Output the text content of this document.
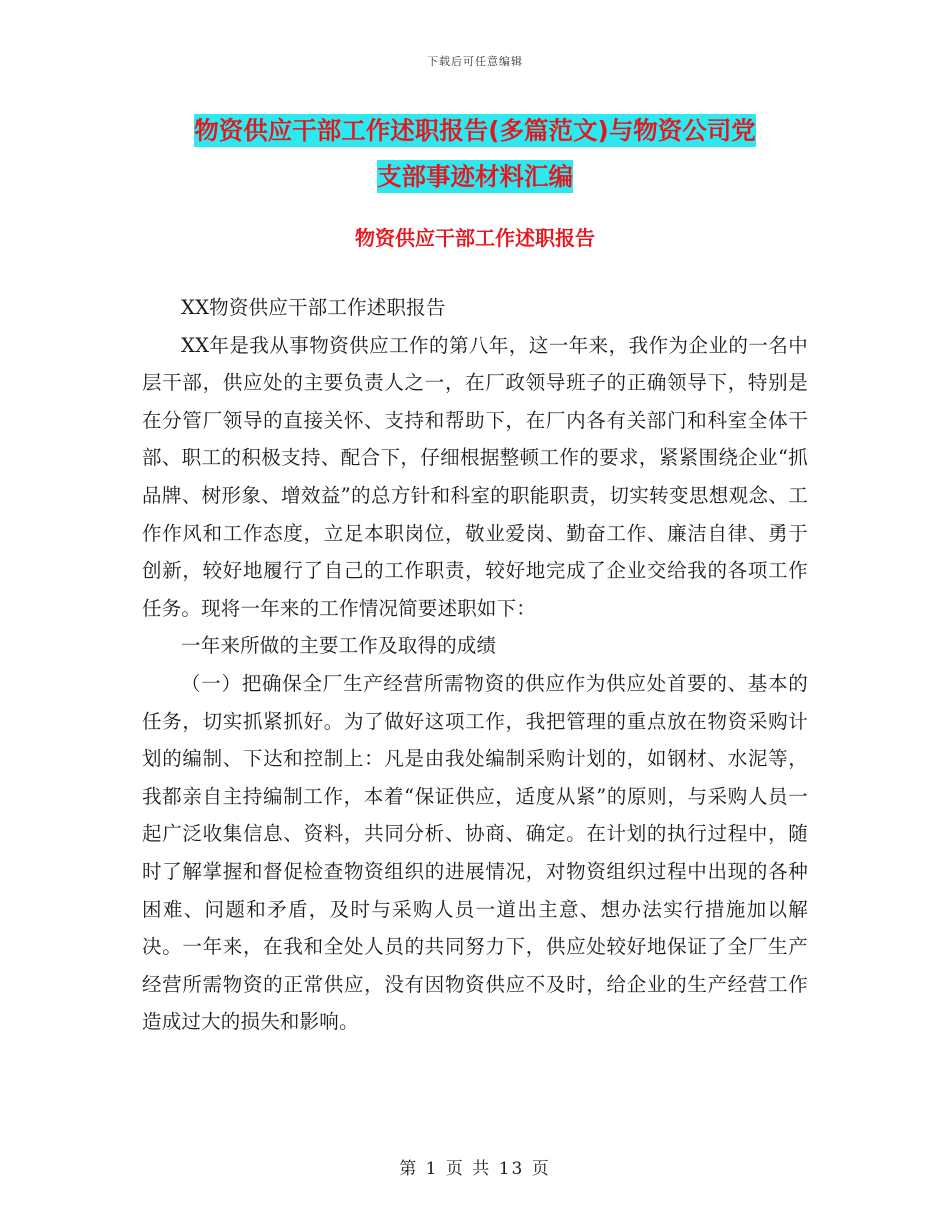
下载后可任意编辑
物资供应干部工作述职报告(多篇范文)与物资公司党
支部事迹材料汇编
物资供应干部工作述职报告

XX物资供应干部工作述职报告

XX年是我从事物资供应工作的第八年，这一年来，我作为企业的一名中层干部，供应处的主要负责人之一，在厂政领导班子的正确领导下，特别是在分管厂领导的直接关怀、支持和帮助下，在厂内各有关部门和科室全体干部、职工的积极支持、配合下，仔细根据整顿工作的要求，紧紧围绕企业“抓品牌、树形象、增效益”的总方针和科室的职能职责，切实转变思想观念、工作作风和工作态度，立足本职岗位，敬业爱岗、勤奋工作、廉洁自律、勇于创新，较好地履行了自己的工作职责，较好地完成了企业交给我的各项工作任务。现将一年来的工作情况简要述职如下：

一年来所做的主要工作及取得的成绩

（一）把确保全厂生产经营所需物资的供应作为供应处首要的、基本的任务，切实抓紧抓好。为了做好这项工作，我把管理的重点放在物资采购计划的编制、下达和控制上：凡是由我处编制采购计划的，如钢材、水泥等，我都亲自主持编制工作，本着“保证供应，适度从紧”的原则，与采购人员一起广泛收集信息、资料，共同分析、协商、确定。在计划的执行过程中，随时了解掌握和督促检查物资组织的进展情况，对物资组织过程中出现的各种困难、问题和矛盾，及时与采购人员一道出主意、想办法实行措施加以解决。一年来，在我和全处人员的共同努力下，供应处较好地保证了全厂生产经营所需物资的正常供应，没有因物资供应不及时，给企业的生产经营工作造成过大的损失和影响。

第 1 页 共 13 页
